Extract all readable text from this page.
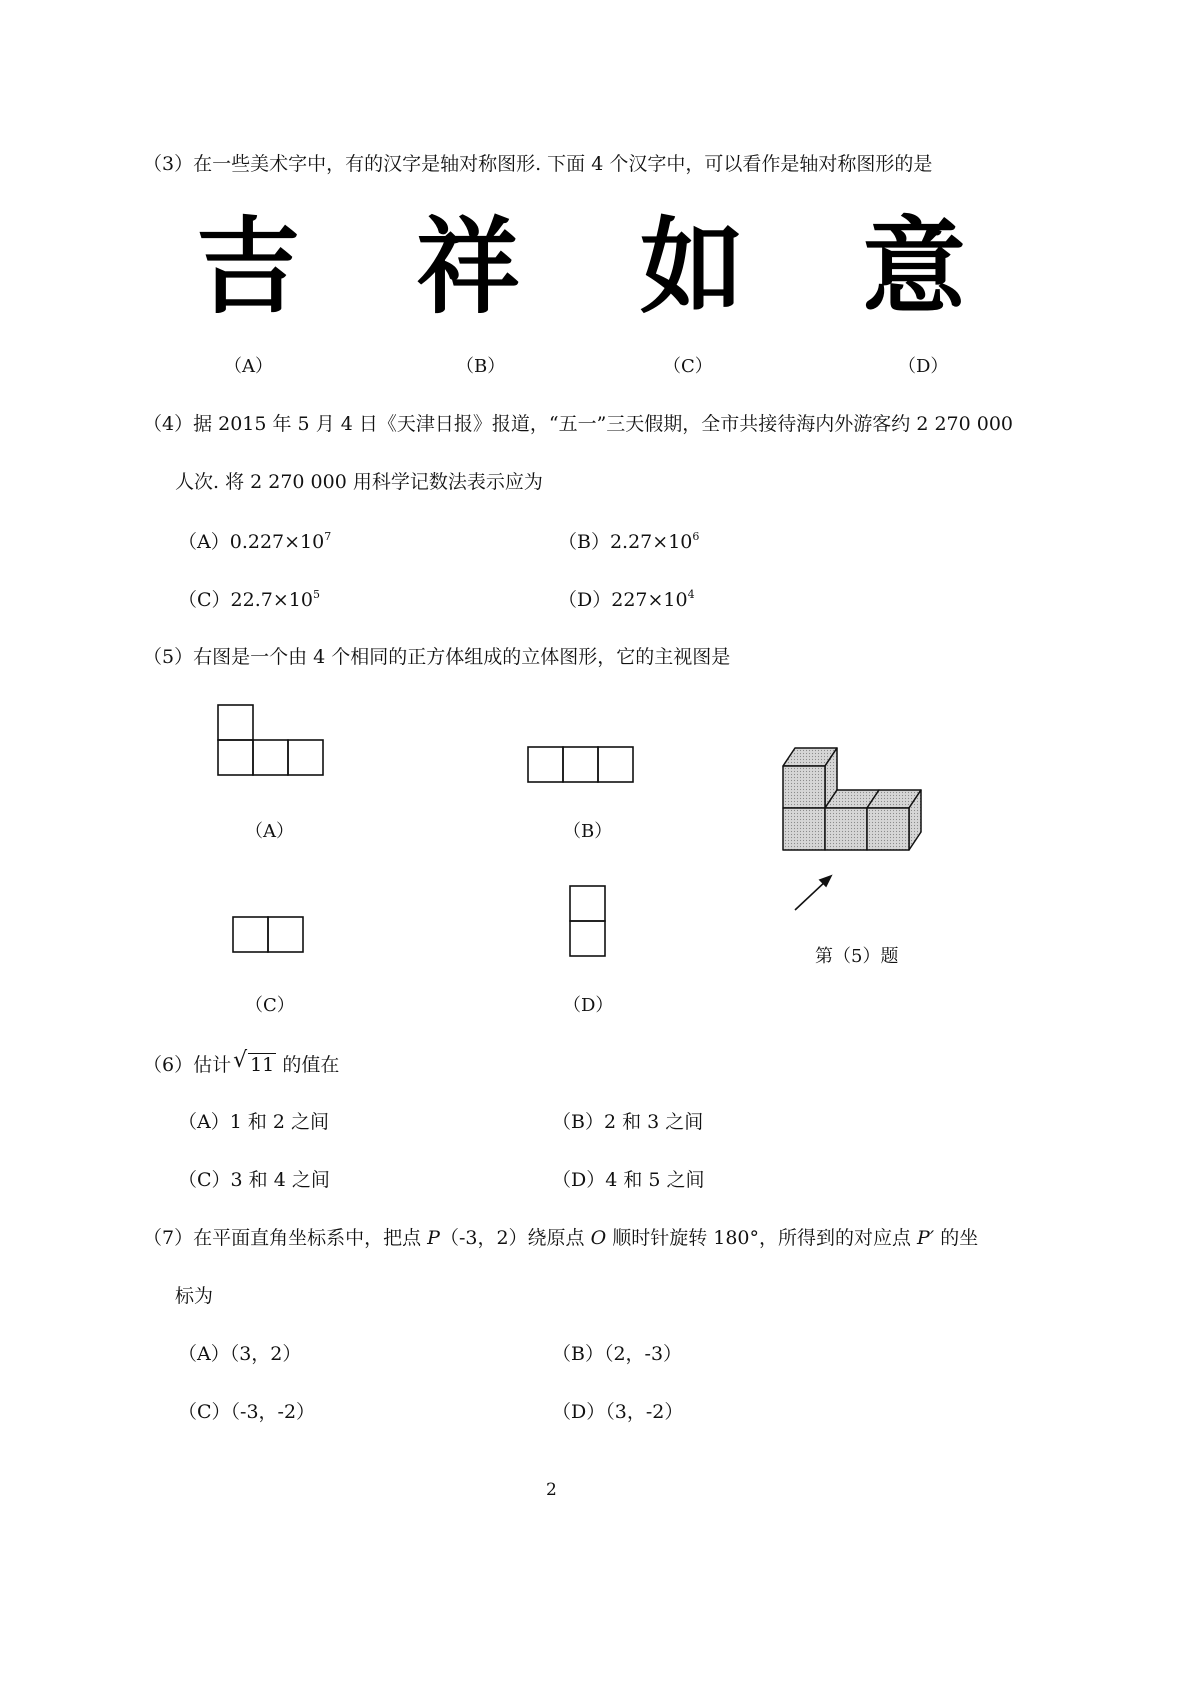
（3）在一些美术字中，有的汉字是轴对称图形. 下面 4 个汉字中，可以看作是轴对称图形的是
吉 祥 如 意
（A）	（B）	（C）	（D）
（4）据 2015 年 5 月 4 日《天津日报》报道，“五一”三天假期，全市共接待海内外游客约 2 270 000
人次. 将 2 270 000 用科学记数法表示应为
$(A)0.227\times 10^7$	$(B)2.27\times 10^6$
$(C)22.7\times 10^5$	$(D)227\times 10^4$
（5）右图是一个由 4 个相同的正方体组成的立体图形，它的主视图是
（A）	（B）
（C）	（D）
第（5）题
（6）估计 √ 11 的值在
（A）1 和 2 之间	（B）2 和 3 之间
（C）3 和 4 之间	（D）4 和 5 之间
（7）在平面直角坐标系中，把点 P（-3，2）绕原点 O 顺时针旋转 180°，所得到的对应点 P′ 的坐
标为
（A）（3，2）	（B）（2，-3）
（C）（-3，-2）	（D）（3，-2）
2
